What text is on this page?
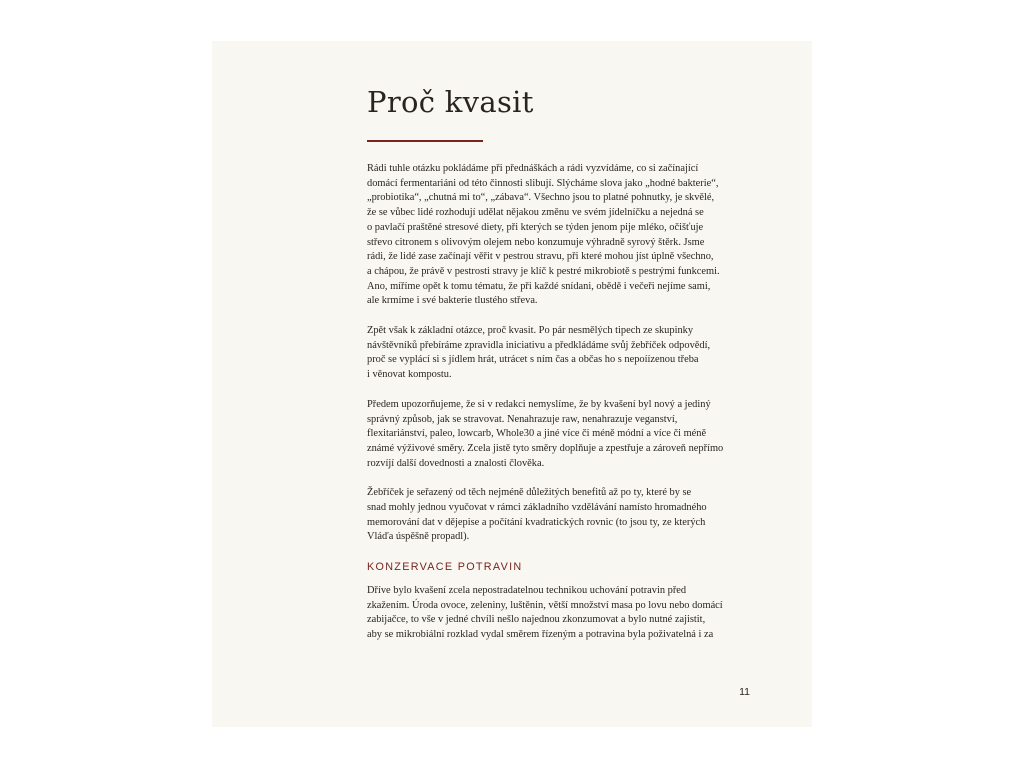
Proč kvasit

Rádi tuhle otázku pokládáme při přednáškách a rádi vyzvídáme, co si začínající
domácí fermentariáni od této činnosti slibují. Slýcháme slova jako „hodné bakterie“,
„probiotika“, „chutná mi to“, „zábava“. Všechno jsou to platné pohnutky, je skvělé,
že se vůbec lidé rozhodují udělat nějakou změnu ve svém jídelníčku a nejedná se
o pavlačí praštěné stresové diety, při kterých se týden jenom pije mléko, očišťuje
střevo citronem s olivovým olejem nebo konzumuje výhradně syrový štěrk. Jsme
rádi, že lidé zase začínají věřit v pestrou stravu, při které mohou jíst úplně všechno,
a chápou, že právě v pestrosti stravy je klíč k pestré mikrobiotě s pestrými funkcemi.
Ano, míříme opět k tomu tématu, že při každé snídani, obědě i večeři nejíme sami,
ale krmíme i své bakterie tlustého střeva.

Zpět však k základní otázce, proč kvasit. Po pár nesmělých tipech ze skupinky
návštěvníků přebíráme zpravidla iniciativu a předkládáme svůj žebříček odpovědí,
proč se vyplácí si s jídlem hrát, utrácet s ním čas a občas ho s nepoíízenou třeba
i věnovat kompostu.

Předem upozorňujeme, že si v redakci nemyslíme, že by kvašení byl nový a jediný
správný způsob, jak se stravovat. Nenahrazuje raw, nenahrazuje veganství,
flexitariánství, paleo, lowcarb, Whole30 a jiné více či méně módní a více či méně
známé výživové směry. Zcela jistě tyto směry doplňuje a zpestřuje a zároveň nepřímo
rozvíjí další dovednosti a znalosti člověka.

Žebříček je seřazený od těch nejméně důležitých benefitů až po ty, které by se
snad mohly jednou vyučovat v rámci základního vzdělávání namísto hromadného
memorování dat v dějepise a počítání kvadratických rovnic (to jsou ty, ze kterých
Vláďa úspěšně propadl).

KONZERVACE POTRAVIN

Dříve bylo kvašení zcela nepostradatelnou technikou uchování potravin před
zkažením. Úroda ovoce, zeleniny, luštěnin, větší množství masa po lovu nebo domácí
zabijačce, to vše v jedné chvíli nešlo najednou zkonzumovat a bylo nutné zajistit,
aby se mikrobiální rozklad vydal směrem řízeným a potravina byla poživatelná i za

11
